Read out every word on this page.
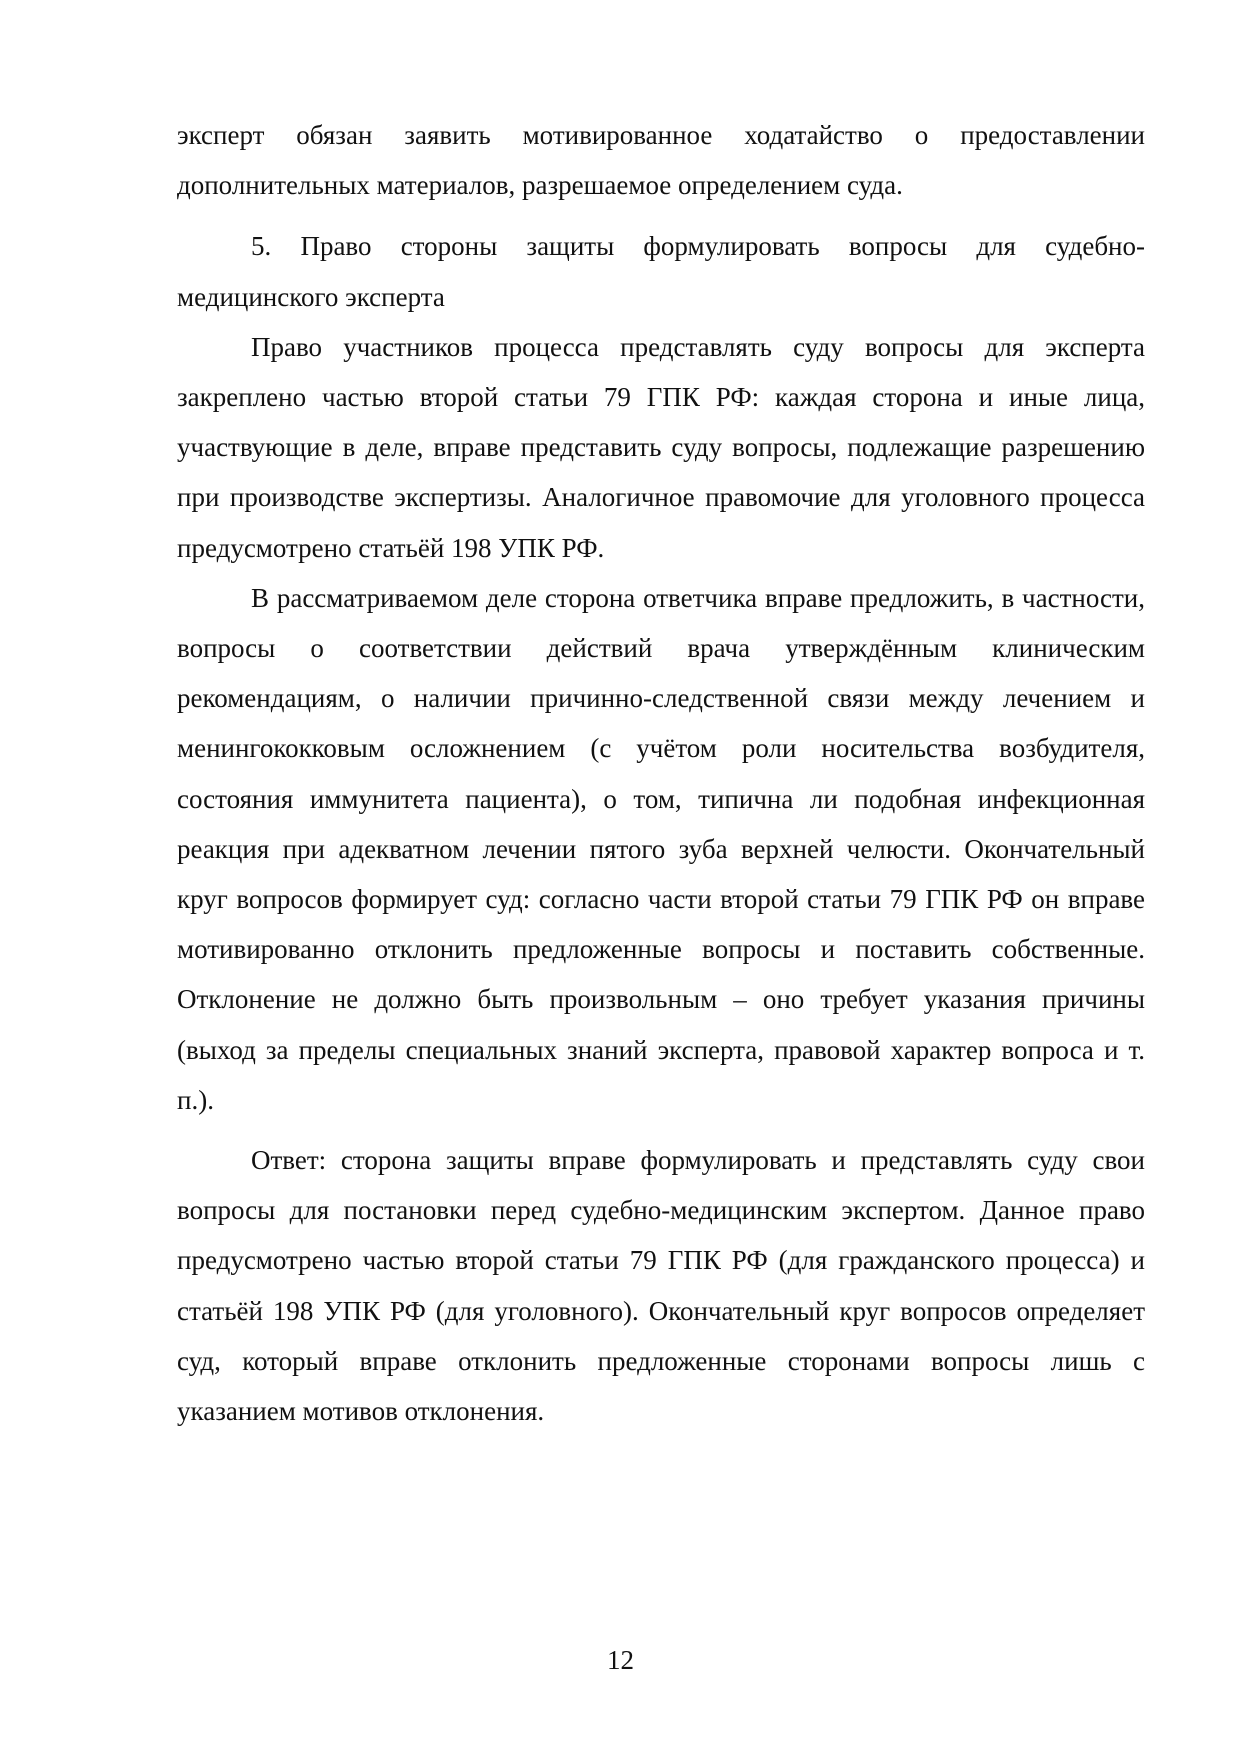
эксперт обязан заявить мотивированное ходатайство о предоставлении дополнительных материалов, разрешаемое определением суда.

5. Право стороны защиты формулировать вопросы для судебно-медицинского эксперта

Право участников процесса представлять суду вопросы для эксперта закреплено частью второй статьи 79 ГПК РФ: каждая сторона и иные лица, участвующие в деле, вправе представить суду вопросы, подлежащие разрешению при производстве экспертизы. Аналогичное правомочие для уголовного процесса предусмотрено статьёй 198 УПК РФ.

В рассматриваемом деле сторона ответчика вправе предложить, в частности, вопросы о соответствии действий врача утверждённым клиническим рекомендациям, о наличии причинно-следственной связи между лечением и менингококковым осложнением (с учётом роли носительства возбудителя, состояния иммунитета пациента), о том, типична ли подобная инфекционная реакция при адекватном лечении пятого зуба верхней челюсти. Окончательный круг вопросов формирует суд: согласно части второй статьи 79 ГПК РФ он вправе мотивированно отклонить предложенные вопросы и поставить собственные. Отклонение не должно быть произвольным – оно требует указания причины (выход за пределы специальных знаний эксперта, правовой характер вопроса и т. п.).

Ответ: сторона защиты вправе формулировать и представлять суду свои вопросы для постановки перед судебно-медицинским экспертом. Данное право предусмотрено частью второй статьи 79 ГПК РФ (для гражданского процесса) и статьёй 198 УПК РФ (для уголовного). Окончательный круг вопросов определяет суд, который вправе отклонить предложенные сторонами вопросы лишь с указанием мотивов отклонения.

12
